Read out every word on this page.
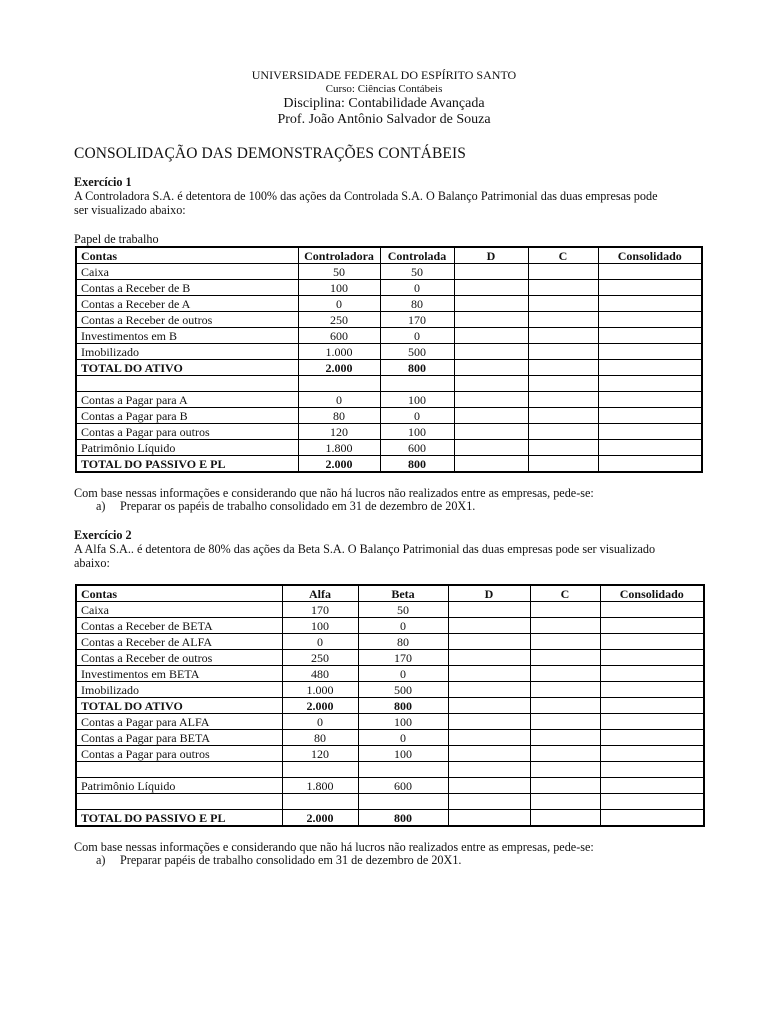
UNIVERSIDADE FEDERAL DO ESPÍRITO SANTO
Curso: Ciências Contábeis
Disciplina: Contabilidade Avançada
Prof. João Antônio Salvador de Souza
CONSOLIDAÇÃO DAS DEMONSTRAÇÕES CONTÁBEIS
Exercício 1
A Controladora S.A. é detentora de 100% das ações da Controlada S.A. O Balanço Patrimonial das duas empresas pode
ser visualizado abaixo:
Papel de trabalho
Contas	Controladora	Controlada	D	C	Consolidado
Caixa	50	50			
Contas a Receber de B	100	0			
Contas a Receber de A	0	80			
Contas a Receber de outros	250	170			
Investimentos em B	600	0			
Imobilizado	1.000	500			
TOTAL DO ATIVO	2.000	800			

Contas a Pagar para A	0	100			
Contas a Pagar para B	80	0			
Contas a Pagar para outros	120	100			
Patrimônio Líquido	1.800	600			
TOTAL DO PASSIVO E PL	2.000	800			
Com base nessas informações e considerando que não há lucros não realizados entre as empresas, pede-se:
a) Preparar os papéis de trabalho consolidado em 31 de dezembro de 20X1.
Exercício 2
A Alfa S.A.. é detentora de 80% das ações da Beta S.A. O Balanço Patrimonial das duas empresas pode ser visualizado
abaixo:
Contas	Alfa	Beta	D	C	Consolidado
Caixa	170	50			
Contas a Receber de BETA	100	0			
Contas a Receber de ALFA	0	80			
Contas a Receber de outros	250	170			
Investimentos em BETA	480	0			
Imobilizado	1.000	500			
TOTAL DO ATIVO	2.000	800			
Contas a Pagar para ALFA	0	100			
Contas a Pagar para BETA	80	0			
Contas a Pagar para outros	120	100			

Patrimônio Líquido	1.800	600			

TOTAL DO PASSIVO E PL	2.000	800			
Com base nessas informações e considerando que não há lucros não realizados entre as empresas, pede-se:
a) Preparar papéis de trabalho consolidado em 31 de dezembro de 20X1.
